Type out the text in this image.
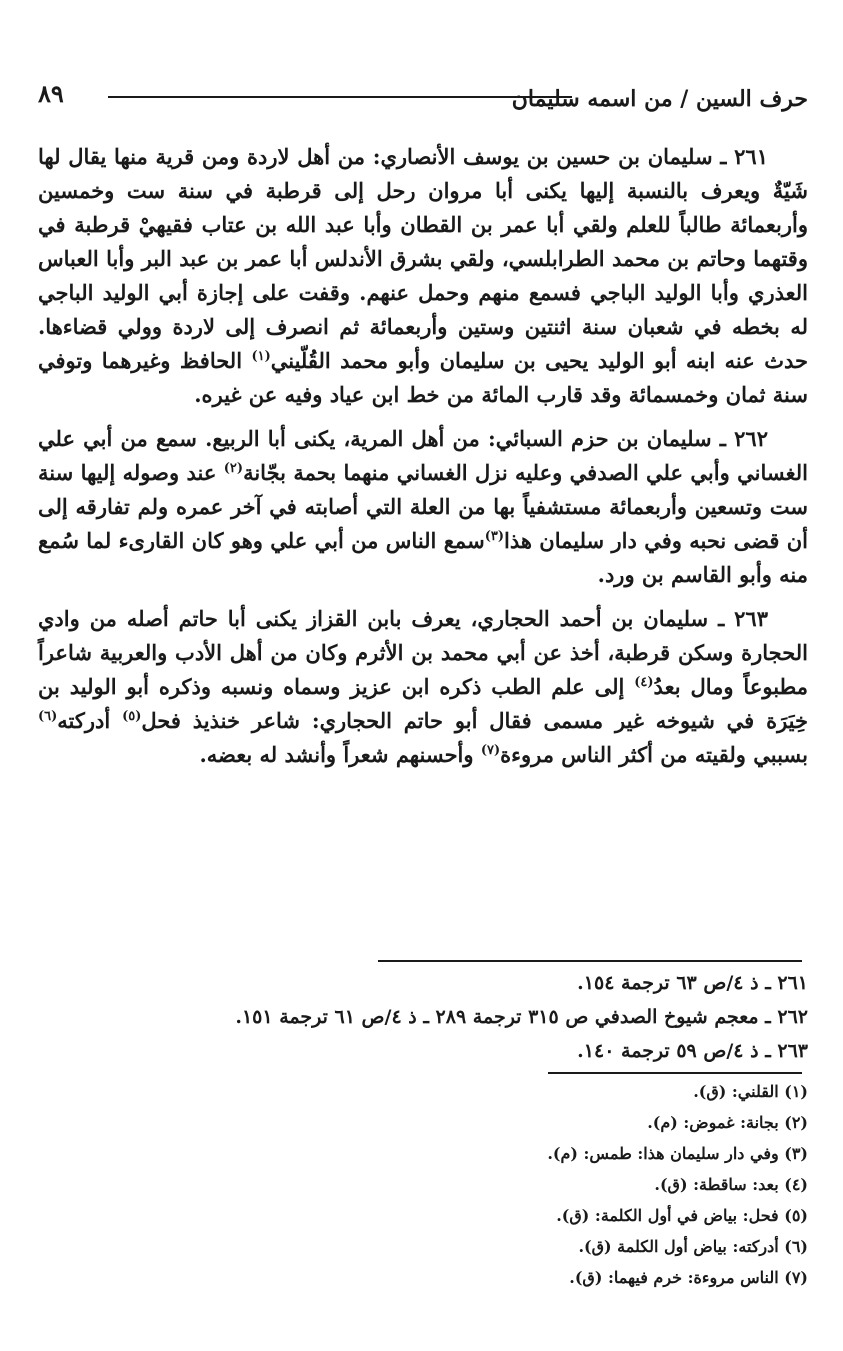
٨٩	حرف السين / من اسمه سليمان

٢٦١ ـ سليمان بن حسين بن يوسف الأنصاري: من أهل لاردة ومن قرية منها يقال لها شَيّةٌ ويعرف بالنسبة إليها يكنى أبا مروان رحل إلى قرطبة في سنة ست وخمسين وأربعمائة طالباً للعلم ولقي أبا عمر بن القطان وأبا عبد الله بن عتاب فقيهيْ قرطبة في وقتهما وحاتم بن محمد الطرابلسي، ولقي بشرق الأندلس أبا عمر بن عبد البر وأبا العباس العذري وأبا الوليد الباجي فسمع منهم وحمل عنهم. وقفت على إجازة أبي الوليد الباجي له بخطه في شعبان سنة اثنتين وستين وأربعمائة ثم انصرف إلى لاردة وولي قضاءها. حدث عنه ابنه أبو الوليد يحيى بن سليمان وأبو محمد القُلّيني$^{(١)}$ الحافظ وغيرهما وتوفي سنة ثمان وخمسمائة وقد قارب المائة من خط ابن عياد وفيه عن غيره.

٢٦٢ ـ سليمان بن حزم السبائي: من أهل المرية، يكنى أبا الربيع. سمع من أبي علي الغساني وأبي علي الصدفي وعليه نزل الغساني منهما بحمة بجّانة$^{(٢)}$ عند وصوله إليها سنة ست وتسعين وأربعمائة مستشفياً بها من العلة التي أصابته في آخر عمره ولم تفارقه إلى أن قضى نحبه وفي دار سليمان هذا$^{(٣)}$سمع الناس من أبي علي وهو كان القارىء لما سُمع منه وأبو القاسم بن ورد.

٢٦٣ ـ سليمان بن أحمد الحجاري، يعرف بابن القزاز يكنى أبا حاتم أصله من وادي الحجارة وسكن قرطبة، أخذ عن أبي محمد بن الأثرم وكان من أهل الأدب والعربية شاعراً مطبوعاً ومال بعدُ$^{(٤)}$ إلى علم الطب ذكره ابن عزيز وسماه ونسبه وذكره أبو الوليد بن خِيَرَة في شيوخه غير مسمى فقال أبو حاتم الحجاري: شاعر خنذيذ فحل$^{(٥)}$ أدركته$^{(٦)}$ بسببي ولقيته من أكثر الناس مروءة$^{(٧)}$ وأحسنهم شعراً وأنشد له بعضه.

٢٦١ ـ ذ ٤/ص ٦٣ ترجمة ١٥٤.
٢٦٢ ـ معجم شيوخ الصدفي ص ٣١٥ ترجمة ٢٨٩ ـ ذ ٤/ص ٦١ ترجمة ١٥١.
٢٦٣ ـ ذ ٤/ص ٥٩ ترجمة ١٤٠.
(١) القلني: (ق).
(٢) بجانة: غموض: (م).
(٣) وفي دار سليمان هذا: طمس: (م).
(٤) بعد: ساقطة: (ق).
(٥) فحل: بياض في أول الكلمة: (ق).
(٦) أدركته: بياض أول الكلمة (ق).
(٧) الناس مروءة: خرم فيهما: (ق).
